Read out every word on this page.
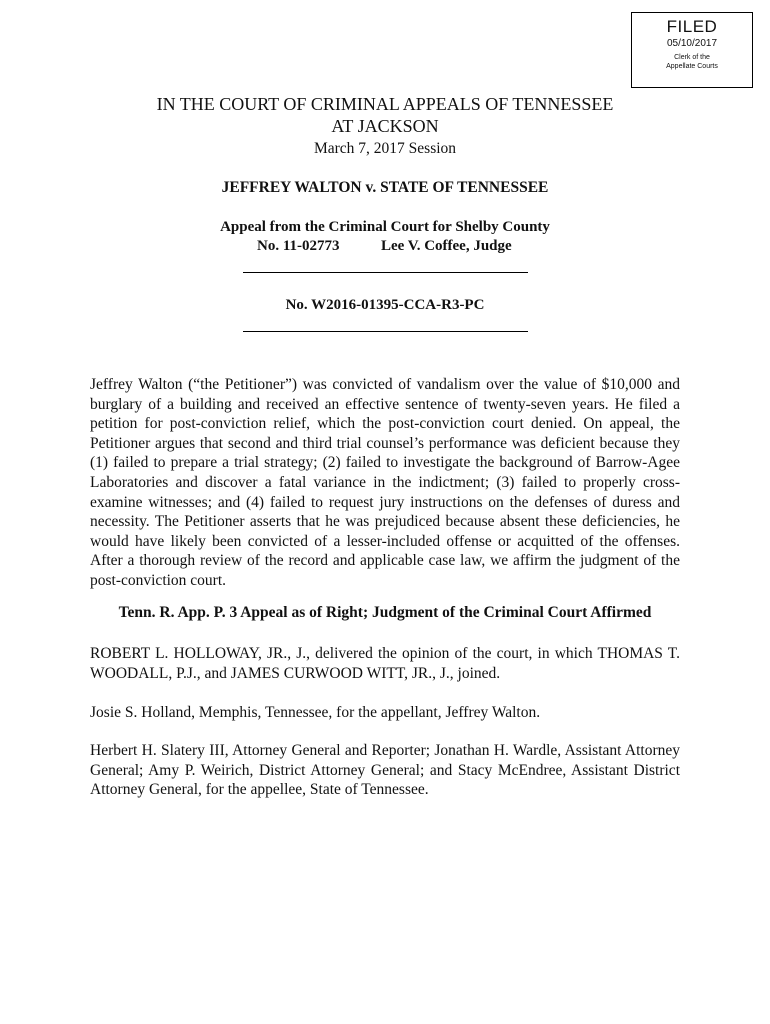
FILED
05/10/2017
Clerk of the
Appellate Courts
IN THE COURT OF CRIMINAL APPEALS OF TENNESSEE
AT JACKSON
March 7, 2017 Session
JEFFREY WALTON v. STATE OF TENNESSEE
Appeal from the Criminal Court for Shelby County
No. 11-02773	Lee V. Coffee, Judge
No. W2016-01395-CCA-R3-PC
Jeffrey Walton (“the Petitioner”) was convicted of vandalism over the value of $10,000 and burglary of a building and received an effective sentence of twenty-seven years. He filed a petition for post-conviction relief, which the post-conviction court denied. On appeal, the Petitioner argues that second and third trial counsel’s performance was deficient because they (1) failed to prepare a trial strategy; (2) failed to investigate the background of Barrow-Agee Laboratories and discover a fatal variance in the indictment; (3) failed to properly cross-examine witnesses; and (4) failed to request jury instructions on the defenses of duress and necessity. The Petitioner asserts that he was prejudiced because absent these deficiencies, he would have likely been convicted of a lesser-included offense or acquitted of the offenses. After a thorough review of the record and applicable case law, we affirm the judgment of the post-conviction court.
Tenn. R. App. P. 3 Appeal as of Right; Judgment of the Criminal Court Affirmed
ROBERT L. HOLLOWAY, JR., J., delivered the opinion of the court, in which THOMAS T. WOODALL, P.J., and JAMES CURWOOD WITT, JR., J., joined.
Josie S. Holland, Memphis, Tennessee, for the appellant, Jeffrey Walton.
Herbert H. Slatery III, Attorney General and Reporter; Jonathan H. Wardle, Assistant Attorney General; Amy P. Weirich, District Attorney General; and Stacy McEndree, Assistant District Attorney General, for the appellee, State of Tennessee.
